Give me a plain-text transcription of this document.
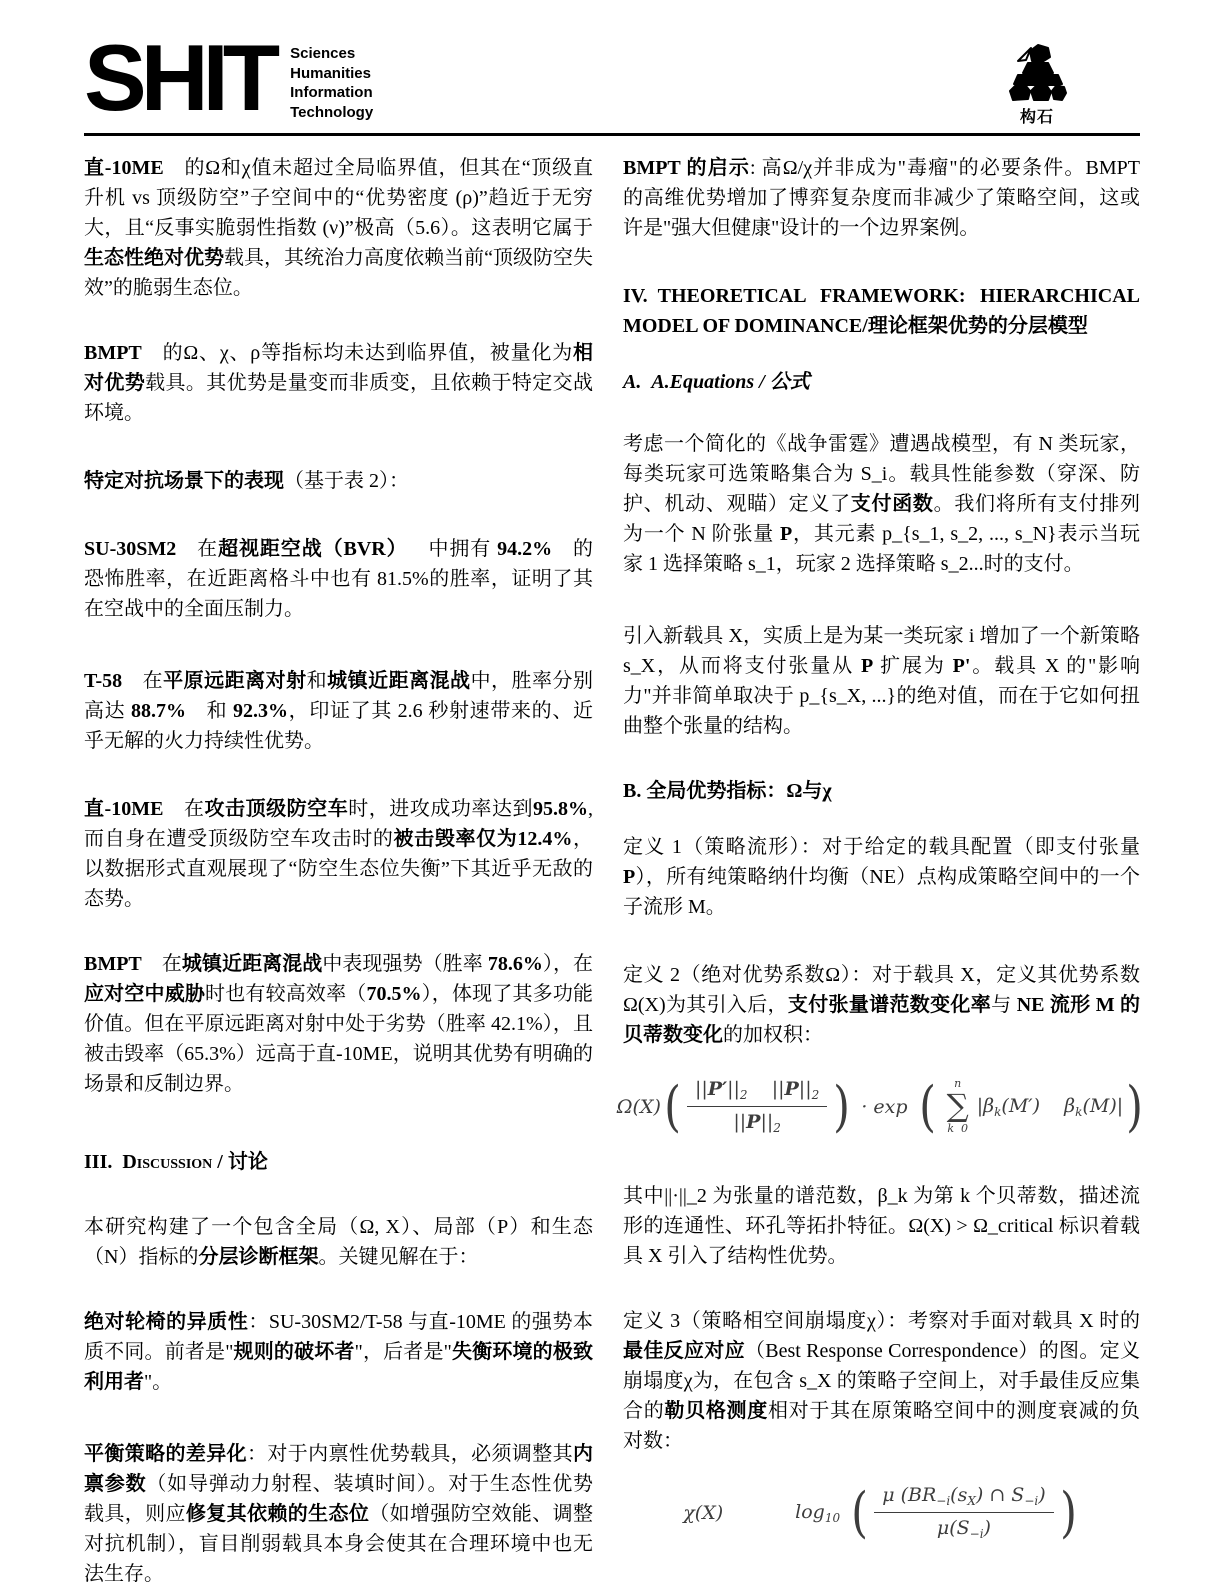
SHIT Sciences
Humanities
Information
Technology	构石

直-10ME 的Ω和χ值未超过全局临界值，但其在“顶级直升机 vs 顶级防空”子空间中的“优势密度 (ρ)”趋近于无穷大，且“反事实脆弱性指数 (ν)”极高（5.6）。这表明它属于生态性绝对优势载具，其统治力高度依赖当前“顶级防空失效”的脆弱生态位。

BMPT 的Ω、χ、ρ等指标均未达到临界值，被量化为相对优势载具。其优势是量变而非质变，且依赖于特定交战环境。

特定对抗场景下的表现（基于表 2）：

SU-30SM2 在超视距空战（BVR） 中拥有 94.2% 的恐怖胜率，在近距离格斗中也有 81.5%的胜率，证明了其在空战中的全面压制力。

T-58 在平原远距离对射和城镇近距离混战中，胜率分别高达 88.7% 和 92.3%，印证了其 2.6 秒射速带来的、近乎无解的火力持续性优势。

直-10ME 在攻击顶级防空车时，进攻成功率达到95.8%,而自身在遭受顶级防空车攻击时的被击毁率仅为12.4%，以数据形式直观展现了“防空生态位失衡”下其近乎无敌的态势。

BMPT 在城镇近距离混战中表现强势（胜率 78.6%），在应对空中威胁时也有较高效率（70.5%），体现了其多功能价值。但在平原远距离对射中处于劣势（胜率 42.1%），且被击毁率（65.3%）远高于直-10ME，说明其优势有明确的场景和反制边界。

III. Discussion / 讨论

本研究构建了一个包含全局（Ω, X）、局部（P）和生态（N）指标的分层诊断框架。关键见解在于：

绝对轮椅的异质性：SU-30SM2/T-58 与直-10ME 的强势本质不同。前者是"规则的破坏者"，后者是"失衡环境的极致利用者"。

平衡策略的差异化：对于内禀性优势载具，必须调整其内禀参数（如导弹动力射程、装填时间）。对于生态性优势载具，则应修复其依赖的生态位（如增强防空效能、调整对抗机制），盲目削弱载具本身会使其在合理环境中也无法生存。

BMPT 的启示: 高Ω/χ并非成为"毒瘤"的必要条件。BMPT 的高维优势增加了博弈复杂度而非减少了策略空间，这或许是"强大但健康"设计的一个边界案例。

IV. THEORETICAL FRAMEWORK: HIERARCHICAL MODEL OF DOMINANCE/理论框架优势的分层模型
A. A.Equations / 公式

考虑一个简化的《战争雷霆》遭遇战模型，有 N 类玩家，每类玩家可选策略集合为 S_i。载具性能参数（穿深、防护、机动、观瞄）定义了支付函数。我们将所有支付排列为一个 N 阶张量 P，其元素 p_{s_1, s_2, ..., s_N}表示当玩家 1 选择策略 s_1，玩家 2 选择策略 s_2...时的支付。

引入新载具 X，实质上是为某一类玩家 i 增加了一个新策略 s_X，从而将支付张量从 P 扩展为 P'。载具 X 的"影响力"并非简单取决于 p_{s_X, ...}的绝对值，而在于它如何扭曲整个张量的结构。

B. 全局优势指标：Ω与χ

定义 1（策略流形）：对于给定的载具配置（即支付张量 P），所有纯策略纳什均衡（NE）点构成策略空间中的一个子流形 M。

定义 2（绝对优势系数Ω）：对于载具 X，定义其优势系数Ω(X)为其引入后，支付张量谱范数变化率与 NE 流形 M 的贝蒂数变化的加权积：

Ω(X) ( $\frac{||P'||_2 ||P||_2}{||P||_2}$ ) · exp ( n
∑
k  0
$|\beta_k(M')$    $\beta_k(M)|$ )

其中||·||_2 为张量的谱范数，β_k 为第 k 个贝蒂数，描述流形的连通性、环孔等拓扑特征。Ω(X) > Ω_critical 标识着载具 X 引入了结构性优势。

定义 3（策略相空间崩塌度χ）：考察对手面对载具 X 时的最佳反应对应（Best Response Correspondence）的图。定义崩塌度χ为，在包含 s_X 的策略子空间上，对手最佳反应集合的勒贝格测度相对于其在原策略空间中的测度衰减的负对数：

χ(X)	$\log_{10}$ ( $\frac{\mu (BR_{-i}(s_X) \cap S_{-i})}{\mu(S_{-i})}$ )
